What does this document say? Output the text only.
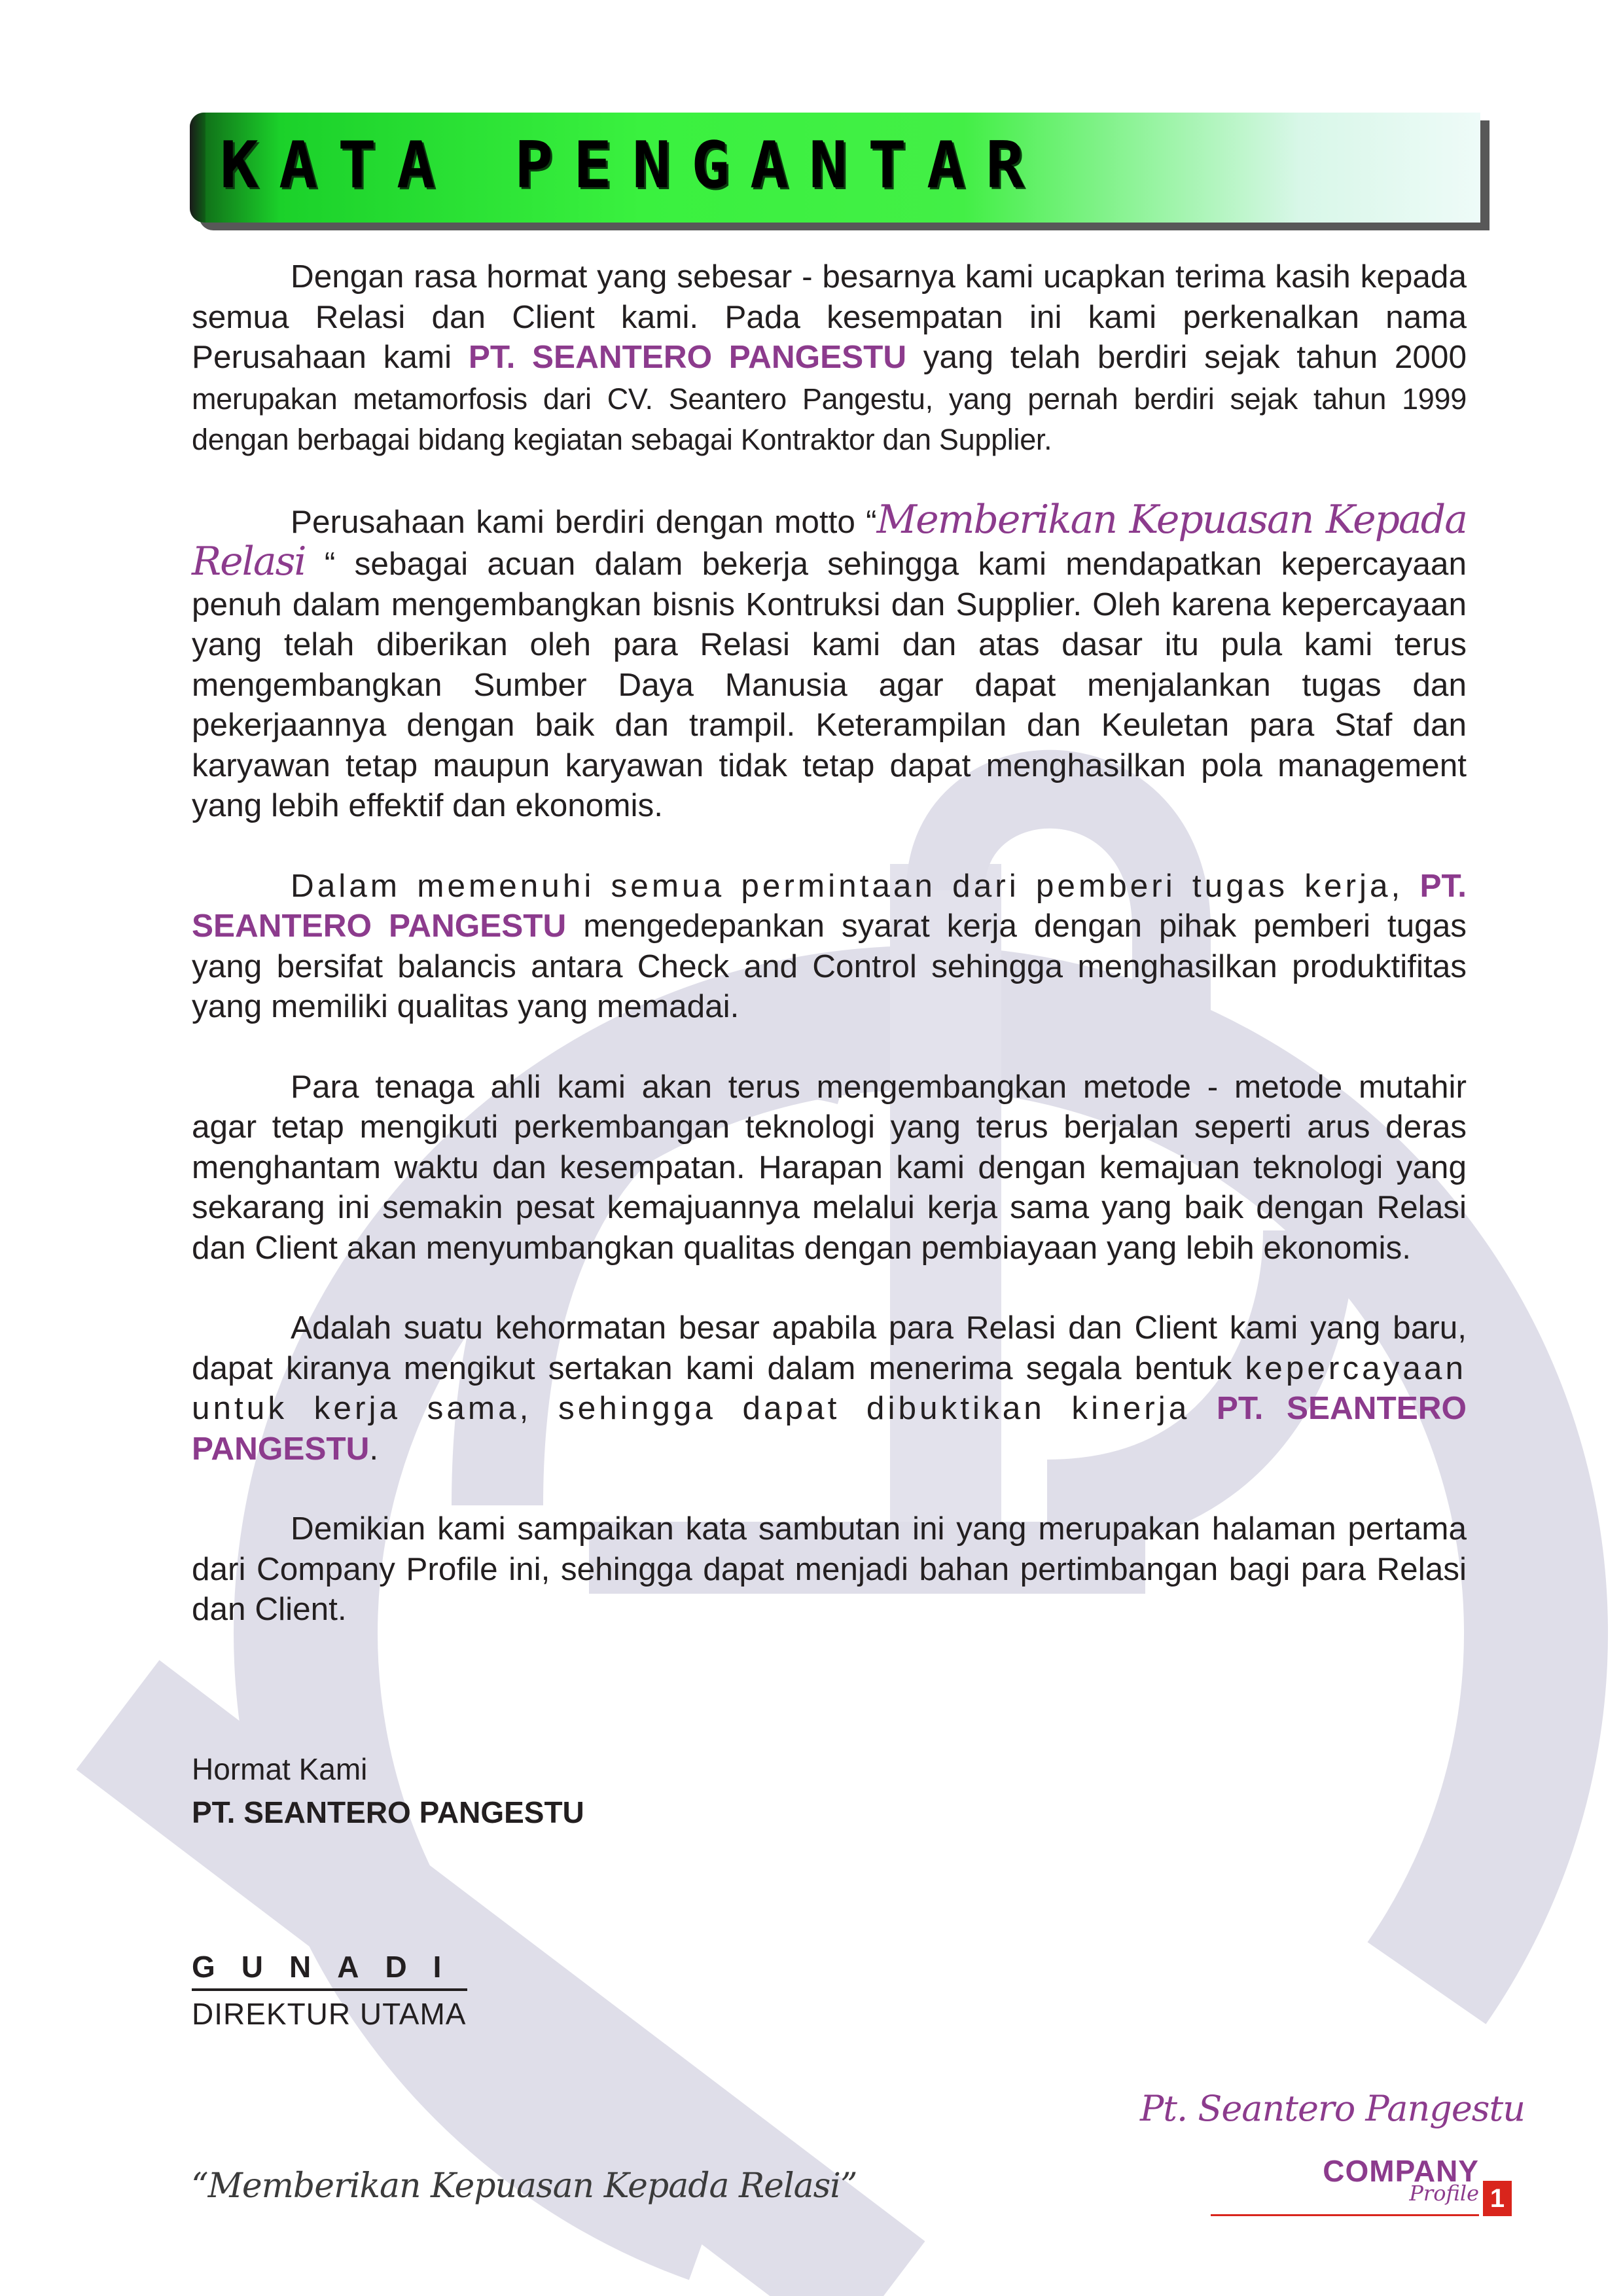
KATA PENGANTAR

Dengan rasa hormat yang sebesar - besarnya kami ucapkan terima kasih kepada semua Relasi dan Client kami. Pada kesempatan ini kami perkenalkan nama Perusahaan kami PT. SEANTERO PANGESTU yang telah berdiri sejak tahun 2000 merupakan metamorfosis dari CV. Seantero Pangestu, yang pernah berdiri sejak tahun 1999 dengan berbagai bidang kegiatan sebagai Kontraktor dan Supplier.

Perusahaan kami berdiri dengan motto “Memberikan Kepuasan Kepada Relasi “ sebagai acuan dalam bekerja sehingga kami mendapatkan kepercayaan penuh dalam mengembangkan bisnis Kontruksi dan Supplier. Oleh karena kepercayaan yang telah diberikan oleh para Relasi kami dan atas dasar itu pula kami terus mengembangkan Sumber Daya Manusia agar dapat menjalankan tugas dan pekerjaannya dengan baik dan trampil. Keterampilan dan Keuletan para Staf dan karyawan tetap maupun karyawan tidak tetap dapat menghasilkan pola management yang lebih effektif dan ekonomis.

Dalam memenuhi semua permintaan dari pemberi tugas kerja, PT. SEANTERO PANGESTU mengedepankan syarat kerja dengan pihak pemberi tugas yang bersifat balancis antara Check and Control sehingga menghasilkan produktifitas yang memiliki qualitas yang memadai.

Para tenaga ahli kami akan terus mengembangkan metode - metode mutahir agar tetap mengikuti perkembangan teknologi yang terus berjalan seperti arus deras menghantam waktu dan kesempatan. Harapan kami dengan kemajuan teknologi yang sekarang ini semakin pesat kemajuannya melalui kerja sama yang baik dengan Relasi dan Client akan menyumbangkan qualitas dengan pembiayaan yang lebih ekonomis.

Adalah suatu kehormatan besar apabila para Relasi dan Client kami yang baru, dapat kiranya mengikut sertakan kami dalam menerima segala bentuk kepercayaan untuk kerja sama, sehingga dapat dibuktikan kinerja PT. SEANTERO PANGESTU.

Demikian kami sampaikan kata sambutan ini yang merupakan halaman pertama dari Company Profile ini, sehingga dapat menjadi bahan pertimbangan bagi para Relasi dan Client.

Hormat Kami
PT. SEANTERO PANGESTU
GUNADI
DIREKTUR UTAMA
“Memberikan Kepuasan Kepada Relasi”
Pt. Seantero Pangestu
COMPANY
Profile 1
